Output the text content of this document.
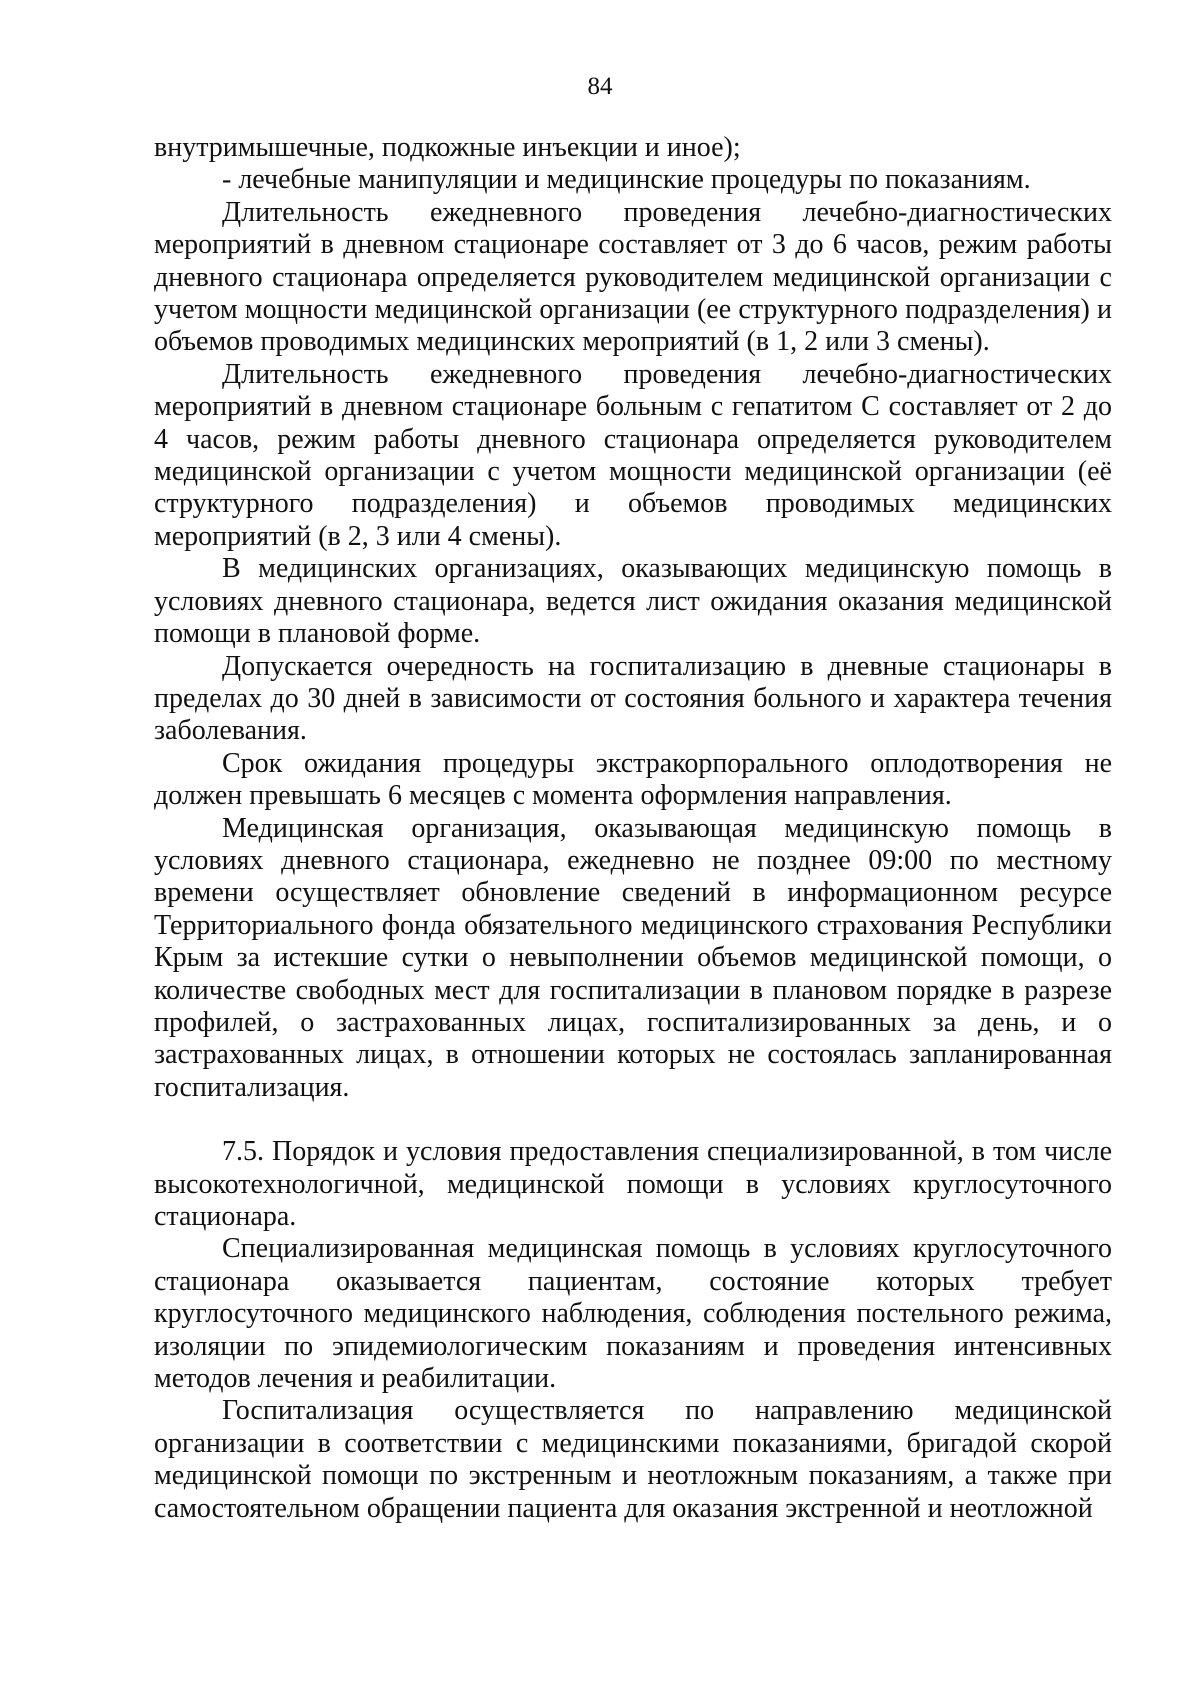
84

внутримышечные, подкожные инъекции и иное);

- лечебные манипуляции и медицинские процедуры по показаниям.

Длительность ежедневного проведения лечебно-диагностических мероприятий в дневном стационаре составляет от 3 до 6 часов, режим работы дневного стационара определяется руководителем медицинской организации с учетом мощности медицинской организации (ее структурного подразделения) и объемов проводимых медицинских мероприятий (в 1, 2 или 3 смены).

Длительность ежедневного проведения лечебно-диагностических мероприятий в дневном стационаре больным с гепатитом С составляет от 2 до 4 часов, режим работы дневного стационара определяется руководителем медицинской организации с учетом мощности медицинской организации (её структурного подразделения) и объемов проводимых медицинских мероприятий (в 2, 3 или 4 смены).

В медицинских организациях, оказывающих медицинскую помощь в условиях дневного стационара, ведется лист ожидания оказания медицинской помощи в плановой форме.

Допускается очередность на госпитализацию в дневные стационары в пределах до 30 дней в зависимости от состояния больного и характера течения заболевания.

Срок ожидания процедуры экстракорпорального оплодотворения не должен превышать 6 месяцев с момента оформления направления.

Медицинская организация, оказывающая медицинскую помощь в условиях дневного стационара, ежедневно не позднее 09:00 по местному времени осуществляет обновление сведений в информационном ресурсе Территориального фонда обязательного медицинского страхования Республики Крым за истекшие сутки о невыполнении объемов медицинской помощи, о количестве свободных мест для госпитализации в плановом порядке в разрезе профилей, о застрахованных лицах, госпитализированных за день, и о застрахованных лицах, в отношении которых не состоялась запланированная госпитализация.

7.5. Порядок и условия предоставления специализированной, в том числе высокотехнологичной, медицинской помощи в условиях круглосуточного стационара.

Специализированная медицинская помощь в условиях круглосуточного стационара оказывается пациентам, состояние которых требует круглосуточного медицинского наблюдения, соблюдения постельного режима, изоляции по эпидемиологическим показаниям и проведения интенсивных методов лечения и реабилитации.

Госпитализация осуществляется по направлению медицинской организации в соответствии с медицинскими показаниями, бригадой скорой медицинской помощи по экстренным и неотложным показаниям, а также при самостоятельном обращении пациента для оказания экстренной и неотложной
